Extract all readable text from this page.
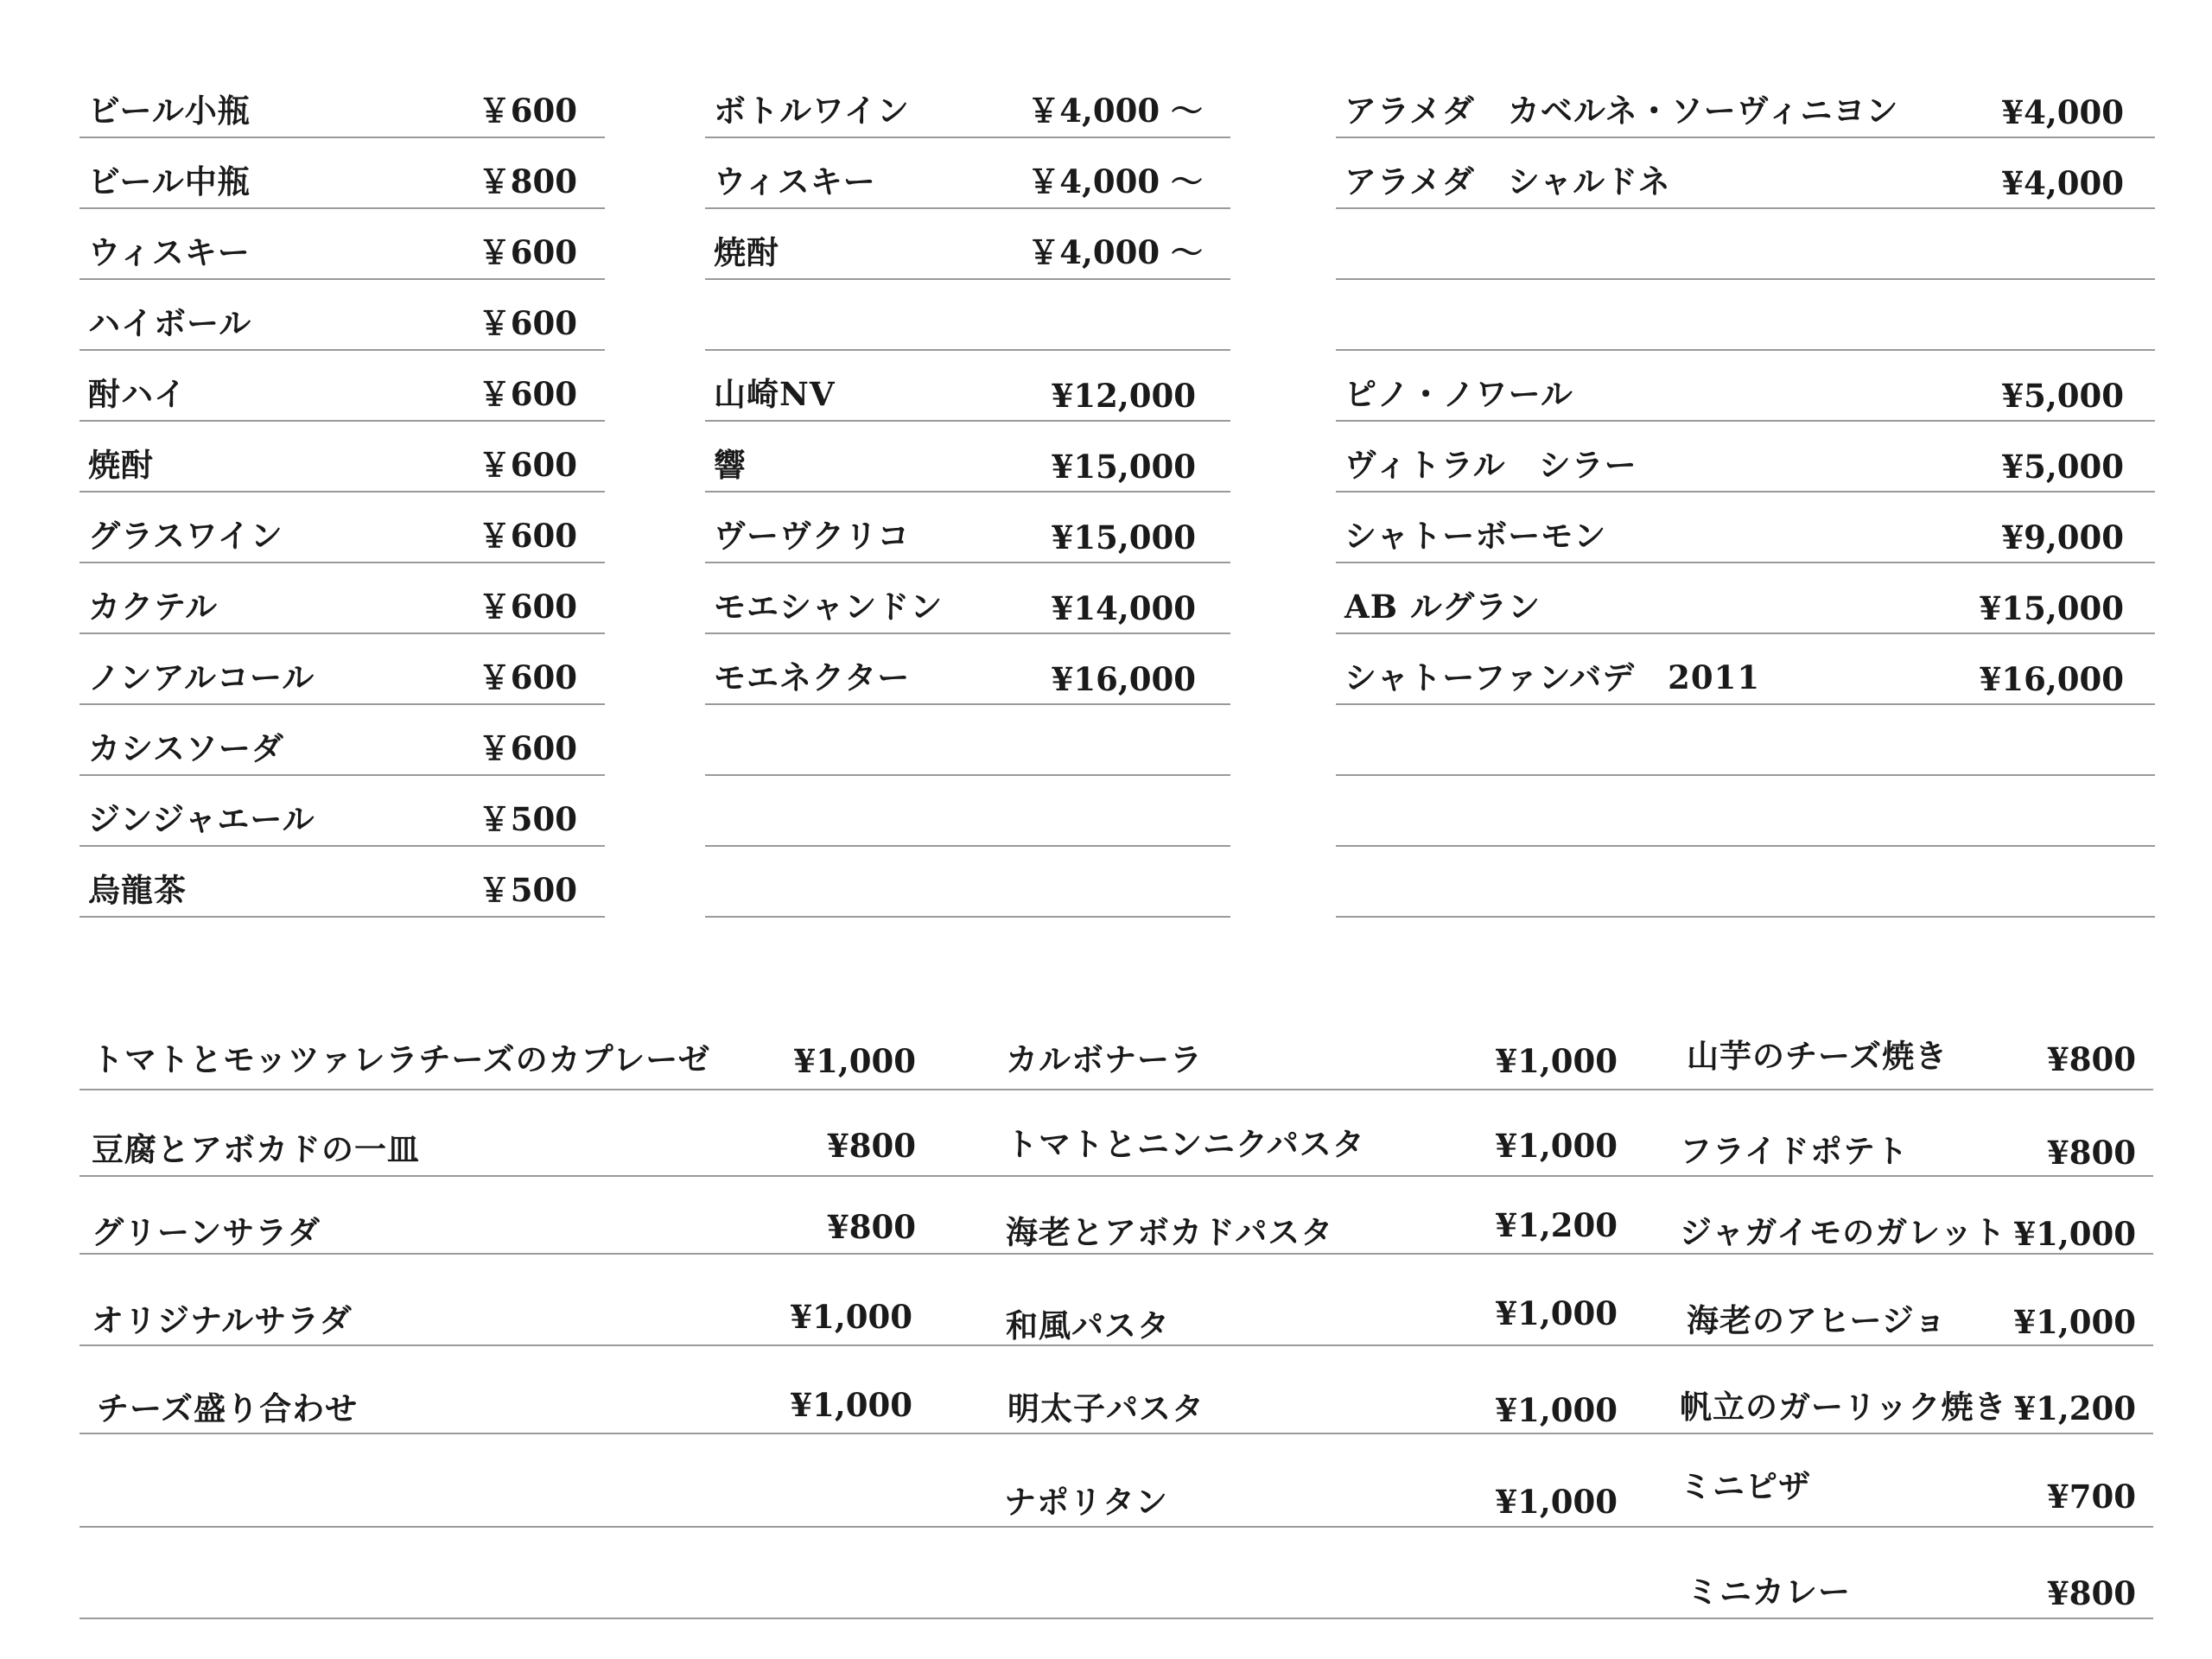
ビール小瓶	￥600
ビール中瓶	￥800
ウィスキー	￥600
ハイボール	￥600
酎ハイ	￥600
焼酎	￥600
グラスワイン	￥600
カクテル	￥600
ノンアルコール	￥600
カシスソーダ	￥600
ジンジャエール	￥500
烏龍茶	￥500
ボトルワイン	￥4,000 ～
ウィスキー	￥4,000 ～
焼酎	￥4,000 ～
山崎NV	¥12,000
響	¥15,000
ヴーヴクリコ	¥15,000
モエシャンドン	¥14,000
モエネクター	¥16,000
アラメダ　カベルネ・ソーヴィニヨン	¥4,000
アラメダ　シャルドネ	¥4,000
ピノ・ノワール	¥5,000
ヴィトラル　シラー	¥5,000
シャトーボーモン	¥9,000
AB ルグラン	¥15,000
シャトーファンバデ　2011	¥16,000
トマトとモッツァレラチーズのカプレーゼ	¥1,000
豆腐とアボカドの一皿	¥800
グリーンサラダ	¥800
オリジナルサラダ	¥1,000
チーズ盛り合わせ	¥1,000
カルボナーラ	¥1,000
トマトとニンニクパスタ	¥1,000
海老とアボカドパスタ	¥1,200
和風パスタ	¥1,000
明太子パスタ	¥1,000
ナポリタン	¥1,000
山芋のチーズ焼き	¥800
フライドポテト	¥800
ジャガイモのガレット ¥1,000
海老のアヒージョ ¥1,000
帆立のガーリック焼き ¥1,200
ミニピザ	¥700
ミニカレー	¥800
